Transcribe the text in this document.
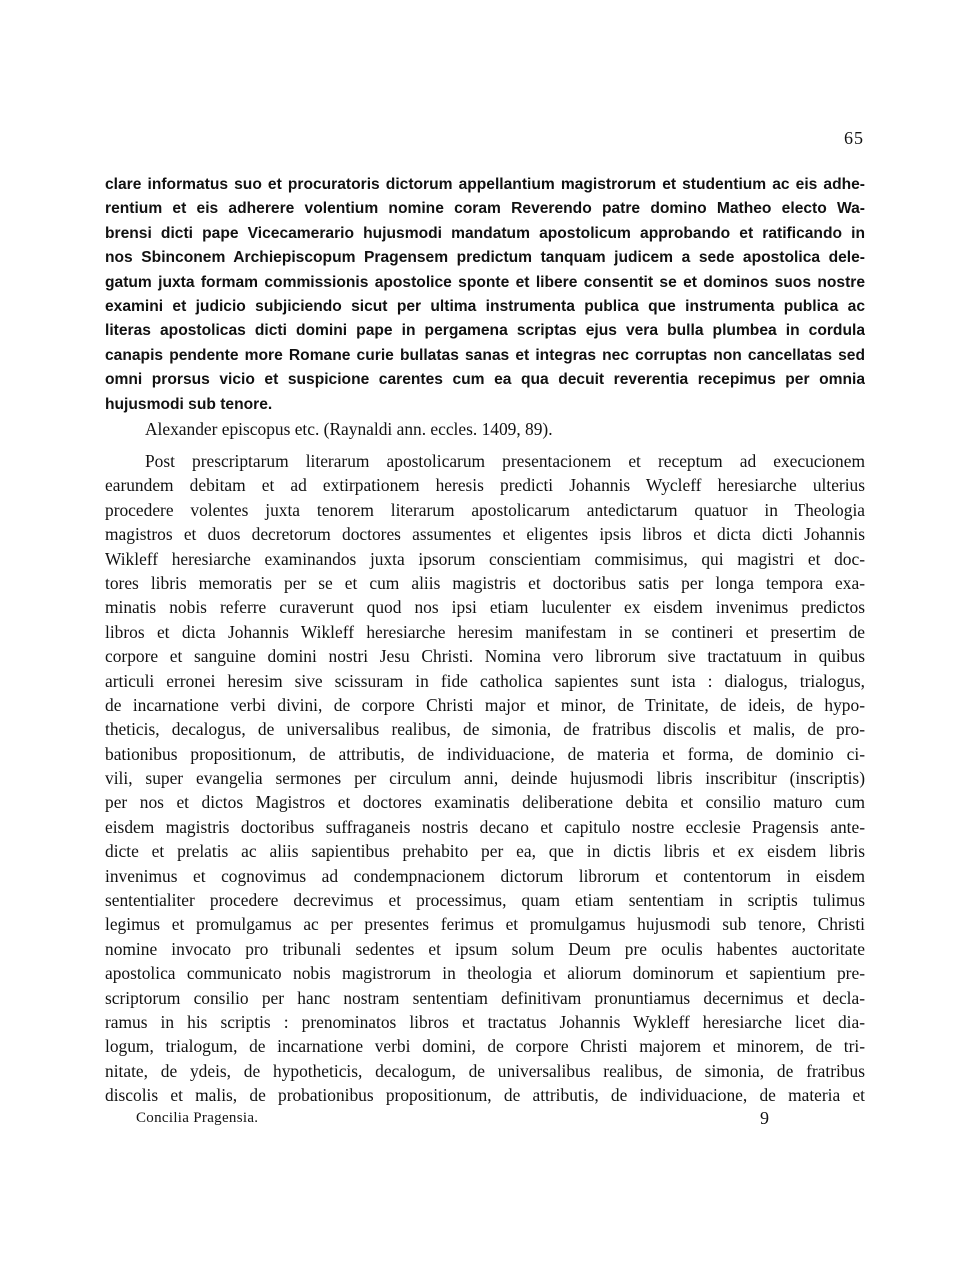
65
clare informatus suo et procuratoris dictorum appellantium magistrorum et studentium ac eis adhe-
rentium et eis adherere volentium nomine coram Reverendo patre domino Matheo electo Wa-
brensi dicti pape Vicecamerario hujusmodi mandatum apostolicum approbando et ratificando in
nos Sbinconem Archiepiscopum Pragensem predictum tanquam judicem a sede apostolica dele-
gatum juxta formam commissionis apostolice sponte et libere consentit se et dominos suos nostre
examini et judicio subjiciendo sicut per ultima instrumenta publica que instrumenta publica ac
literas apostolicas dicti domini pape in pergamena scriptas ejus vera bulla plumbea in cordula
canapis pendente more Romane curie bullatas sanas et integras nec corruptas non cancellatas sed
omni prorsus vicio et suspicione carentes cum ea qua decuit reverentia recepimus per omnia
hujusmodi sub tenore.
Alexander episcopus etc. (Raynaldi ann. eccles. 1409, 89).
Post prescriptarum literarum apostolicarum presentacionem et receptum ad execucionem
earundem debitam et ad extirpationem heresis predicti Johannis Wycleff heresiarche ulterius
procedere volentes juxta tenorem literarum apostolicarum antedictarum quatuor in Theologia
magistros et duos decretorum doctores assumentes et eligentes ipsis libros et dicta dicti Johannis
Wikleff heresiarche examinandos juxta ipsorum conscientiam commisimus, qui magistri et doc-
tores libris memoratis per se et cum aliis magistris et doctoribus satis per longa tempora exa-
minatis nobis referre curaverunt quod nos ipsi etiam luculenter ex eisdem invenimus predictos
libros et dicta Johannis Wikleff heresiarche heresim manifestam in se contineri et presertim de
corpore et sanguine domini nostri Jesu Christi. Nomina vero librorum sive tractatuum in quibus
articuli erronei heresim sive scissuram in fide catholica sapientes sunt ista : dialogus, trialogus,
de incarnatione verbi divini, de corpore Christi major et minor, de Trinitate, de ideis, de hypo-
theticis, decalogus, de universalibus realibus, de simonia, de fratribus discolis et malis, de pro-
bationibus propositionum, de attributis, de individuacione, de materia et forma, de dominio ci-
vili, super evangelia sermones per circulum anni, deinde hujusmodi libris inscribitur (inscriptis)
per nos et dictos Magistros et doctores examinatis deliberatione debita et consilio maturo cum
eisdem magistris doctoribus suffraganeis nostris decano et capitulo nostre ecclesie Pragensis ante-
dicte et prelatis ac aliis sapientibus prehabito per ea, que in dictis libris et ex eisdem libris
invenimus et cognovimus ad condempnacionem dictorum librorum et contentorum in eisdem
sententialiter procedere decrevimus et processimus, quam etiam sententiam in scriptis tulimus
legimus et promulgamus ac per presentes ferimus et promulgamus hujusmodi sub tenore, Christi
nomine invocato pro tribunali sedentes et ipsum solum Deum pre oculis habentes auctoritate
apostolica communicato nobis magistrorum in theologia et aliorum dominorum et sapientium pre-
scriptorum consilio per hanc nostram sententiam definitivam pronuntiamus decernimus et decla-
ramus in his scriptis : prenominatos libros et tractatus Johannis Wykleff heresiarche licet dia-
logum, trialogum, de incarnatione verbi domini, de corpore Christi majorem et minorem, de tri-
nitate, de ydeis, de hypotheticis, decalogum, de universalibus realibus, de simonia, de fratribus
discolis et malis, de probationibus propositionum, de attributis, de individuacione, de materia et
Concilia Pragensia.	9
